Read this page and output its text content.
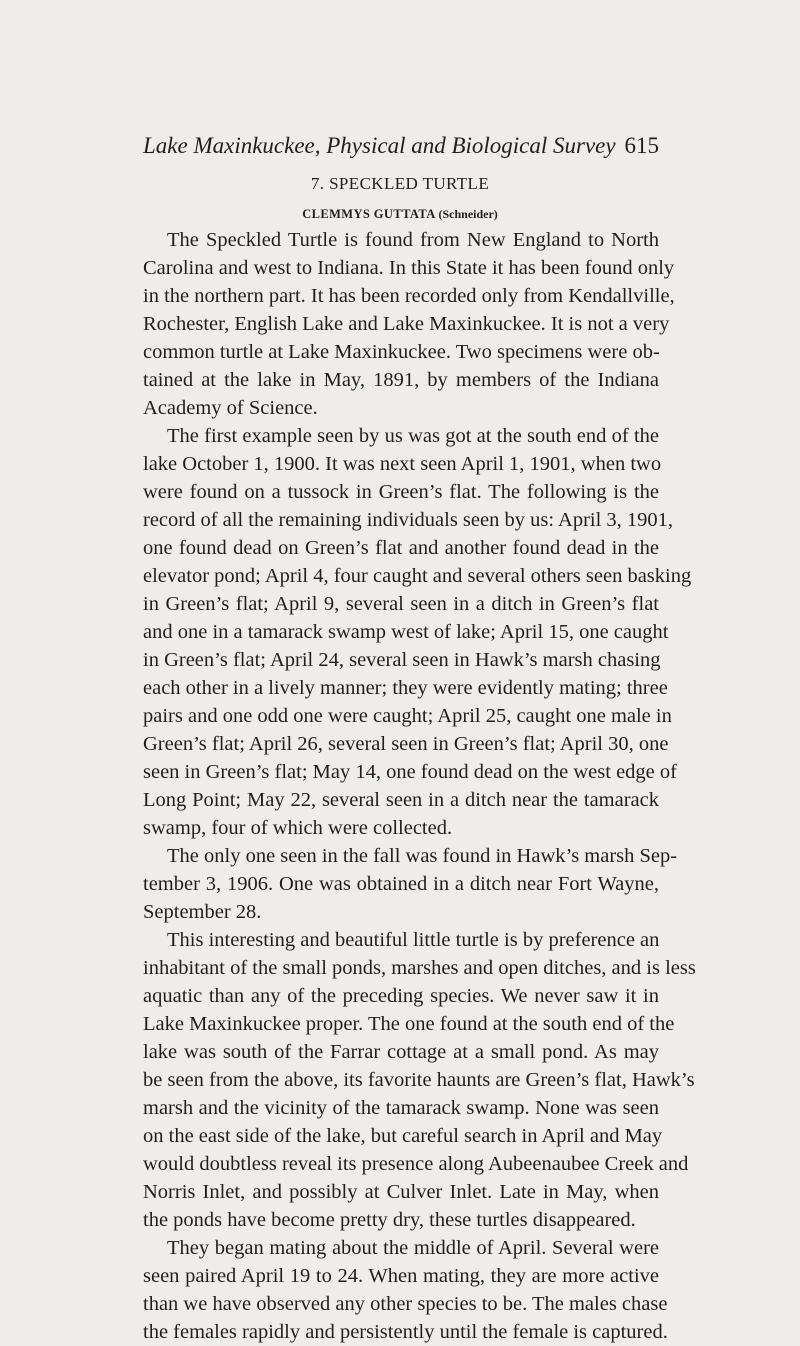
Lake Maxinkuckee, Physical and Biological Survey 615
7. SPECKLED TURTLE
CLEMMYS GUTTATA (Schneider)
The Speckled Turtle is found from New England to North
Carolina and west to Indiana. In this State it has been found only
in the northern part. It has been recorded only from Kendallville,
Rochester, English Lake and Lake Maxinkuckee. It is not a very
common turtle at Lake Maxinkuckee. Two specimens were ob-
tained at the lake in May, 1891, by members of the Indiana
Academy of Science.
The first example seen by us was got at the south end of the
lake October 1, 1900. It was next seen April 1, 1901, when two
were found on a tussock in Green’s flat. The following is the
record of all the remaining individuals seen by us: April 3, 1901,
one found dead on Green’s flat and another found dead in the
elevator pond; April 4, four caught and several others seen basking
in Green’s flat; April 9, several seen in a ditch in Green’s flat
and one in a tamarack swamp west of lake; April 15, one caught
in Green’s flat; April 24, several seen in Hawk’s marsh chasing
each other in a lively manner; they were evidently mating; three
pairs and one odd one were caught; April 25, caught one male in
Green’s flat; April 26, several seen in Green’s flat; April 30, one
seen in Green’s flat; May 14, one found dead on the west edge of
Long Point; May 22, several seen in a ditch near the tamarack
swamp, four of which were collected.
The only one seen in the fall was found in Hawk’s marsh Sep-
tember 3, 1906. One was obtained in a ditch near Fort Wayne,
September 28.
This interesting and beautiful little turtle is by preference an
inhabitant of the small ponds, marshes and open ditches, and is less
aquatic than any of the preceding species. We never saw it in
Lake Maxinkuckee proper. The one found at the south end of the
lake was south of the Farrar cottage at a small pond. As may
be seen from the above, its favorite haunts are Green’s flat, Hawk’s
marsh and the vicinity of the tamarack swamp. None was seen
on the east side of the lake, but careful search in April and May
would doubtless reveal its presence along Aubeenaubee Creek and
Norris Inlet, and possibly at Culver Inlet. Late in May, when
the ponds have become pretty dry, these turtles disappeared.
They began mating about the middle of April. Several were
seen paired April 19 to 24. When mating, they are more active
than we have observed any other species to be. The males chase
the females rapidly and persistently until the female is captured.
